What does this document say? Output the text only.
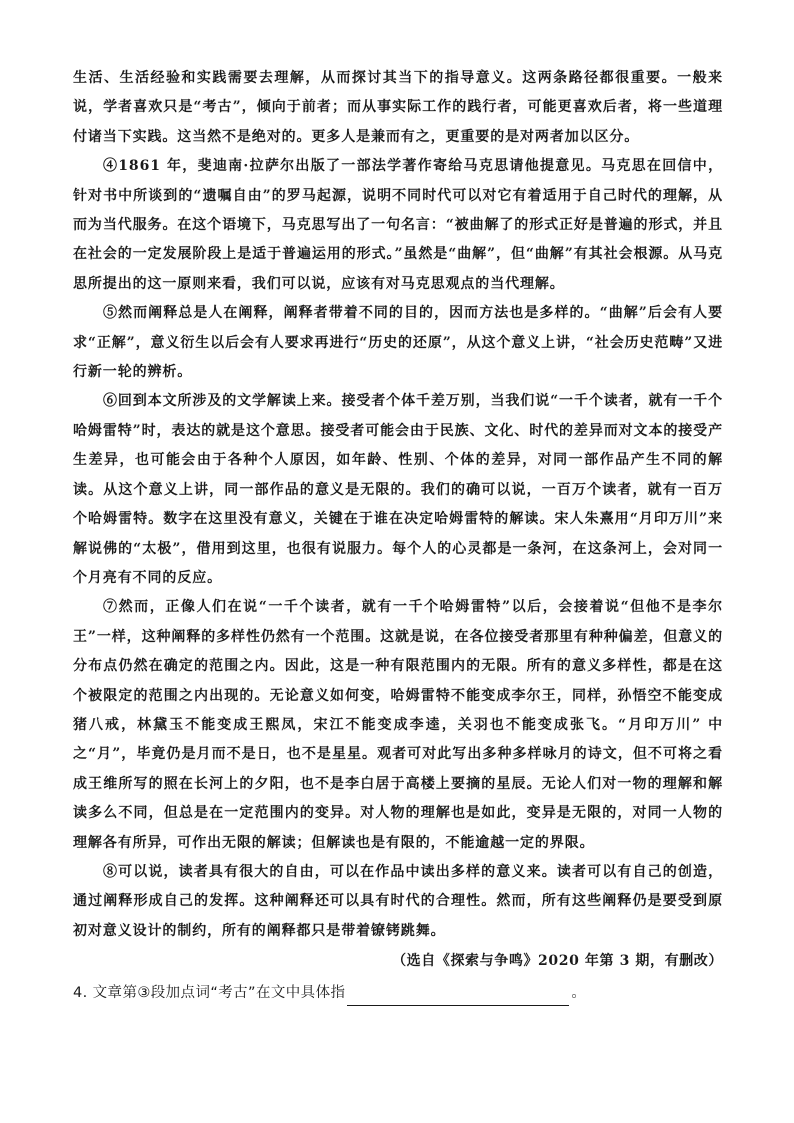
生活、生活经验和实践需要去理解，从而探讨其当下的指导意义。这两条路径都很重要。一般来说，学者喜欢只是“考古”，倾向于前者；而从事实际工作的践行者，可能更喜欢后者，将一些道理付诸当下实践。这当然不是绝对的。更多人是兼而有之，更重要的是对两者加以区分。

④1861 年，斐迪南·拉萨尔出版了一部法学著作寄给马克思请他提意见。马克思在回信中，针对书中所谈到的“遗嘱自由”的罗马起源，说明不同时代可以对它有着适用于自己时代的理解，从而为当代服务。在这个语境下，马克思写出了一句名言：“被曲解了的形式正好是普遍的形式，并且在社会的一定发展阶段上是适于普遍运用的形式。”虽然是“曲解”，但“曲解”有其社会根源。从马克思所提出的这一原则来看，我们可以说，应该有对马克思观点的当代理解。

⑤然而阐释总是人在阐释，阐释者带着不同的目的，因而方法也是多样的。“曲解”后会有人要求“正解”，意义衍生以后会有人要求再进行“历史的还原”，从这个意义上讲，“社会历史范畴”又进行新一轮的辨析。

⑥回到本文所涉及的文学解读上来。接受者个体千差万别，当我们说“一千个读者，就有一千个哈姆雷特”时，表达的就是这个意思。接受者可能会由于民族、文化、时代的差异而对文本的接受产生差异，也可能会由于各种个人原因，如年龄、性别、个体的差异，对同一部作品产生不同的解读。从这个意义上讲，同一部作品的意义是无限的。我们的确可以说，一百万个读者，就有一百万个哈姆雷特。数字在这里没有意义，关键在于谁在决定哈姆雷特的解读。宋人朱熹用“月印万川”来解说佛的“太极”，借用到这里，也很有说服力。每个人的心灵都是一条河，在这条河上，会对同一个月亮有不同的反应。

⑦然而，正像人们在说“一千个读者，就有一千个哈姆雷特”以后，会接着说“但他不是李尔王”一样，这种阐释的多样性仍然有一个范围。这就是说，在各位接受者那里有种种偏差，但意义的分布点仍然在确定的范围之内。因此，这是一种有限范围内的无限。所有的意义多样性，都是在这个被限定的范围之内出现的。无论意义如何变，哈姆雷特不能变成李尔王，同样，孙悟空不能变成猪八戒，林黛玉不能变成王熙凤，宋江不能变成李逵，关羽也不能变成张飞。“月印万川” 中之“月”，毕竟仍是月而不是日，也不是星星。观者可对此写出多种多样咏月的诗文，但不可将之看成王维所写的照在长河上的夕阳，也不是李白居于高楼上要摘的星辰。无论人们对一物的理解和解读多么不同，但总是在一定范围内的变异。对人物的理解也是如此，变异是无限的，对同一人物的理解各有所异，可作出无限的解读；但解读也是有限的，不能逾越一定的界限。

⑧可以说，读者具有很大的自由，可以在作品中读出多样的意义来。读者可以有自己的创造，通过阐释形成自己的发挥。这种阐释还可以具有时代的合理性。然而，所有这些阐释仍是要受到原初对意义设计的制约，所有的阐释都只是带着镣铐跳舞。

（选自《探索与争鸣》2020 年第 3 期，有删改）

4. 文章第③段加点词“考古”在文中具体指	。
